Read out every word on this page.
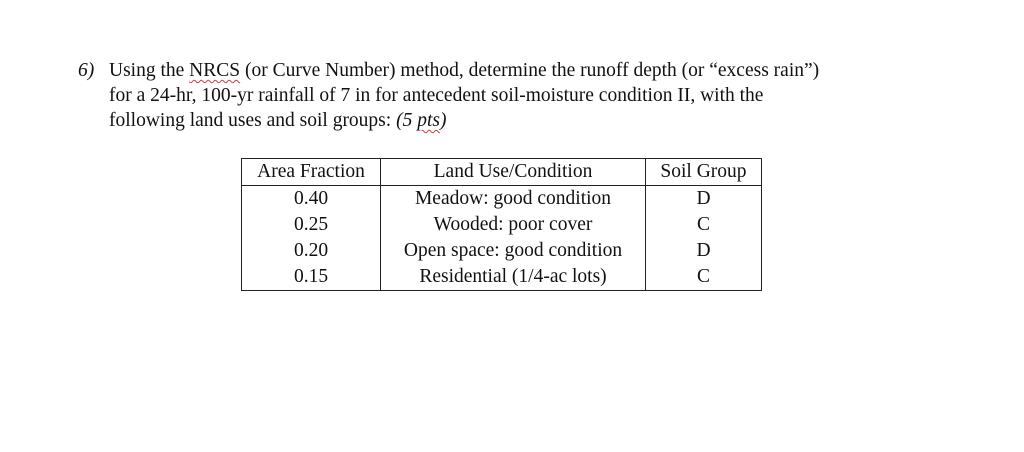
6) Using the NRCS (or Curve Number) method, determine the runoff depth (or “excess rain”)
for a 24-hr, 100-yr rainfall of 7 in for antecedent soil-moisture condition II, with the
following land uses and soil groups: (5 pts)
Area Fraction	Land Use/Condition	Soil Group
0.40	Meadow: good condition	D
0.25	Wooded: poor cover	C
0.20	Open space: good condition	D
0.15	Residential (1/4-ac lots)	C
